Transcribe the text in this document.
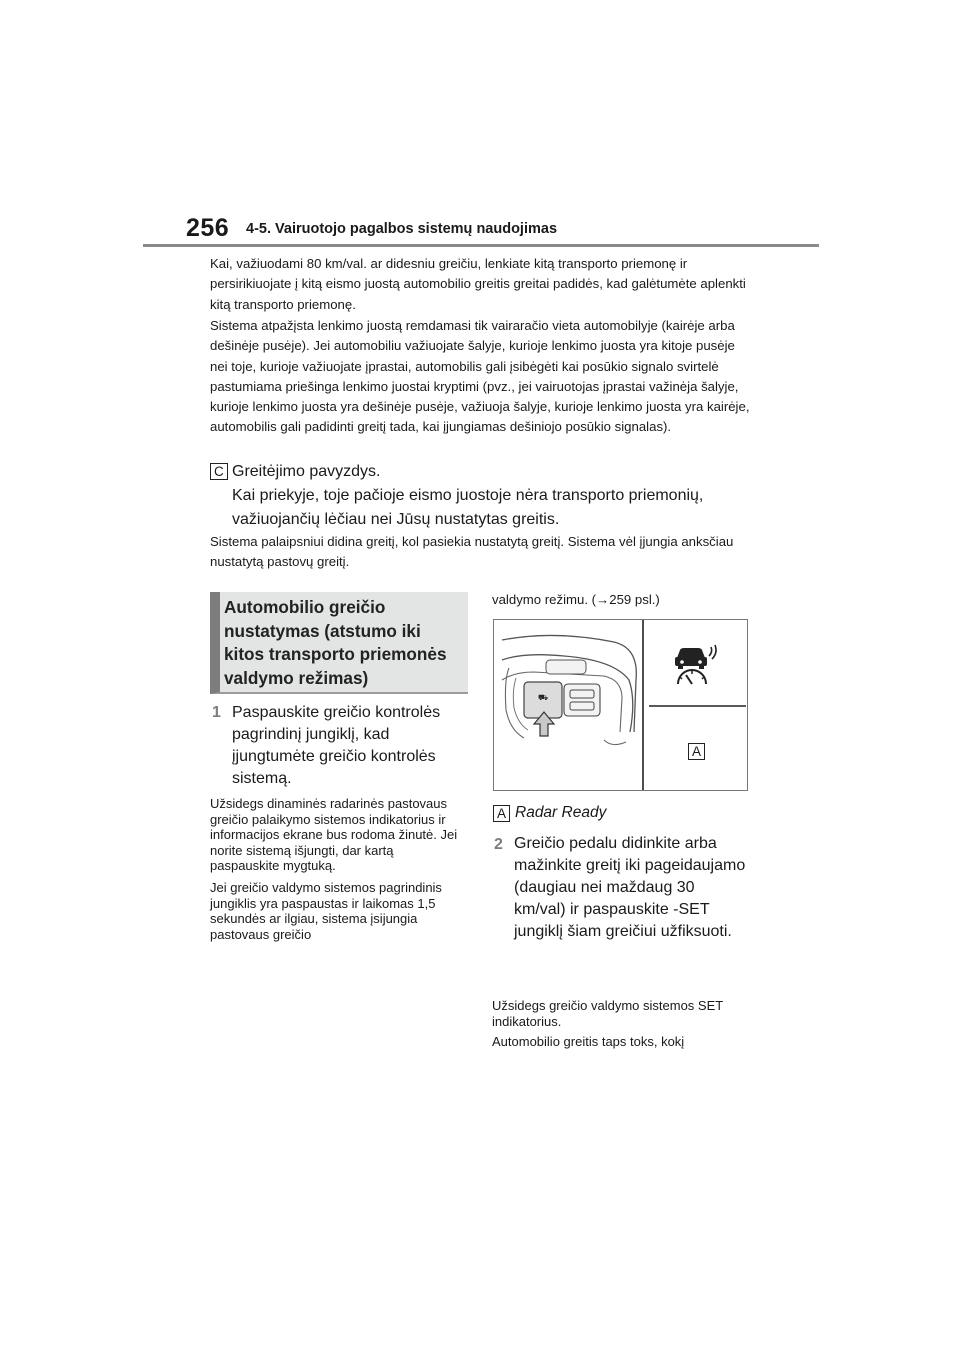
256 4-5. Vairuotojo pagalbos sistemų naudojimas

Kai, važiuodami 80 km/val. ar didesniu greičiu, lenkiate kitą transporto priemonę ir persirikiuojate į kitą eismo juostą automobilio greitis greitai padidės, kad galėtumėte aplenkti kitą transporto priemonę.

Sistema atpažįsta lenkimo juostą remdamasi tik vairaračio vieta automobilyje (kairėje arba dešinėje pusėje). Jei automobiliu važiuojate šalyje, kurioje lenkimo juosta yra kitoje pusėje nei toje, kurioje važiuojate įprastai, automobilis gali įsibėgėti kai posūkio signalo svirtelė pastumiama priešinga lenkimo juostai kryptimi (pvz., jei vairuotojas įprastai važinėja šalyje, kurioje lenkimo juosta yra dešinėje pusėje, važiuoja šalyje, kurioje lenkimo juosta yra kairėje, automobilis gali padidinti greitį tada, kai įjungiamas dešiniojo posūkio signalas).

C Greitėjimo pavyzdys.
Kai priekyje, toje pačioje eismo juostoje nėra transporto priemonių, važiuojančių lėčiau nei Jūsų nustatytas greitis.

Sistema palaipsniui didina greitį, kol pasiekia nustatytą greitį. Sistema vėl įjungia anksčiau nustatytą pastovų greitį.

Automobilio greičio nustatymas (atstumo iki kitos transporto priemonės valdymo režimas)
1 Paspauskite greičio kontrolės pagrindinį jungiklį, kad įjungtumėte greičio kontrolės sistemą.
Užsidegs dinaminės radarinės pastovaus greičio palaikymo sistemos indikatorius ir informacijos ekrane bus rodoma žinutė. Jei norite sistemą išjungti, dar kartą paspauskite mygtuką.
Jei greičio valdymo sistemos pagrindinis jungiklis yra paspaustas ir laikomas 1,5 sekundės ar ilgiau, sistema įsijungia pastovaus greičio
valdymo režimu. (→259 psl.)
⛟
A
A Radar Ready
2 Greičio pedalu didinkite arba mažinkite greitį iki pageidaujamo (daugiau nei maždaug 30 km/val) ir paspauskite -SET jungiklį šiam greičiui užfiksuoti.
Užsidegs greičio valdymo sistemos SET indikatorius.
Automobilio greitis taps toks, kokį
